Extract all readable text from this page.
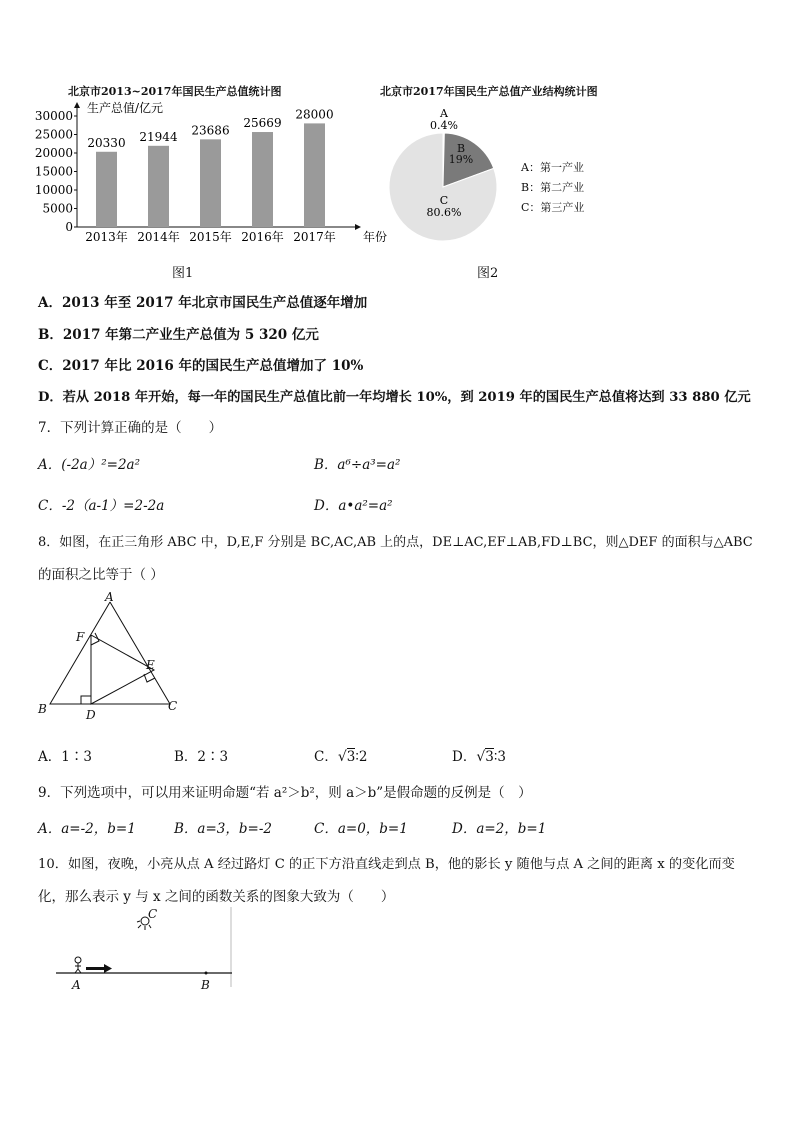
北京市2013~2017年国民生产总值统计图
生产总值/亿元
年份
0
5000
10000
15000
20000
25000
30000
20330
2013年
21944
2014年
23686
2015年
25669
2016年
28000
2017年
图1
北京市2017年国民生产总值产业结构统计图
A
0.4%
B
19%
C
80.6%
A：第一产业
B：第二产业
C：第三产业
图2
A．2013 年至 2017 年北京市国民生产总值逐年增加
B．2017 年第二产业生产总值为 5 320 亿元
C．2017 年比 2016 年的国民生产总值增加了 10%
D．若从 2018 年开始，每一年的国民生产总值比前一年均增长 10%，到 2019 年的国民生产总值将达到 33 880 亿元
7．下列计算正确的是（　　）
A．(-2a）²=2a²	B．a⁶÷a³=a²
C．-2（a-1）=2-2a	D．a•a²=a²
8．如图，在正三角形 ABC 中，D,E,F 分别是 BC,AC,AB 上的点，DE⊥AC,EF⊥AB,FD⊥BC，则△DEF 的面积与△ABC
的面积之比等于（ ）
A
B	C
D
E
F
A．1∶3	B．2∶3	C．√3∶2	D．√3∶3
9．下列选项中，可以用来证明命题“若 a²＞b²，则 a＞b”是假命题的反例是（　）
A．a=-2，b=1	B．a=3，b=-2	C．a=0，b=1	D．a=2，b=1
10．如图，夜晚，小亮从点 A 经过路灯 C 的正下方沿直线走到点 B，他的影长 y 随他与点 A 之间的距离 x 的变化而变
化，那么表示 y 与 x 之间的函数关系的图象大致为（　　）
C
A	B
